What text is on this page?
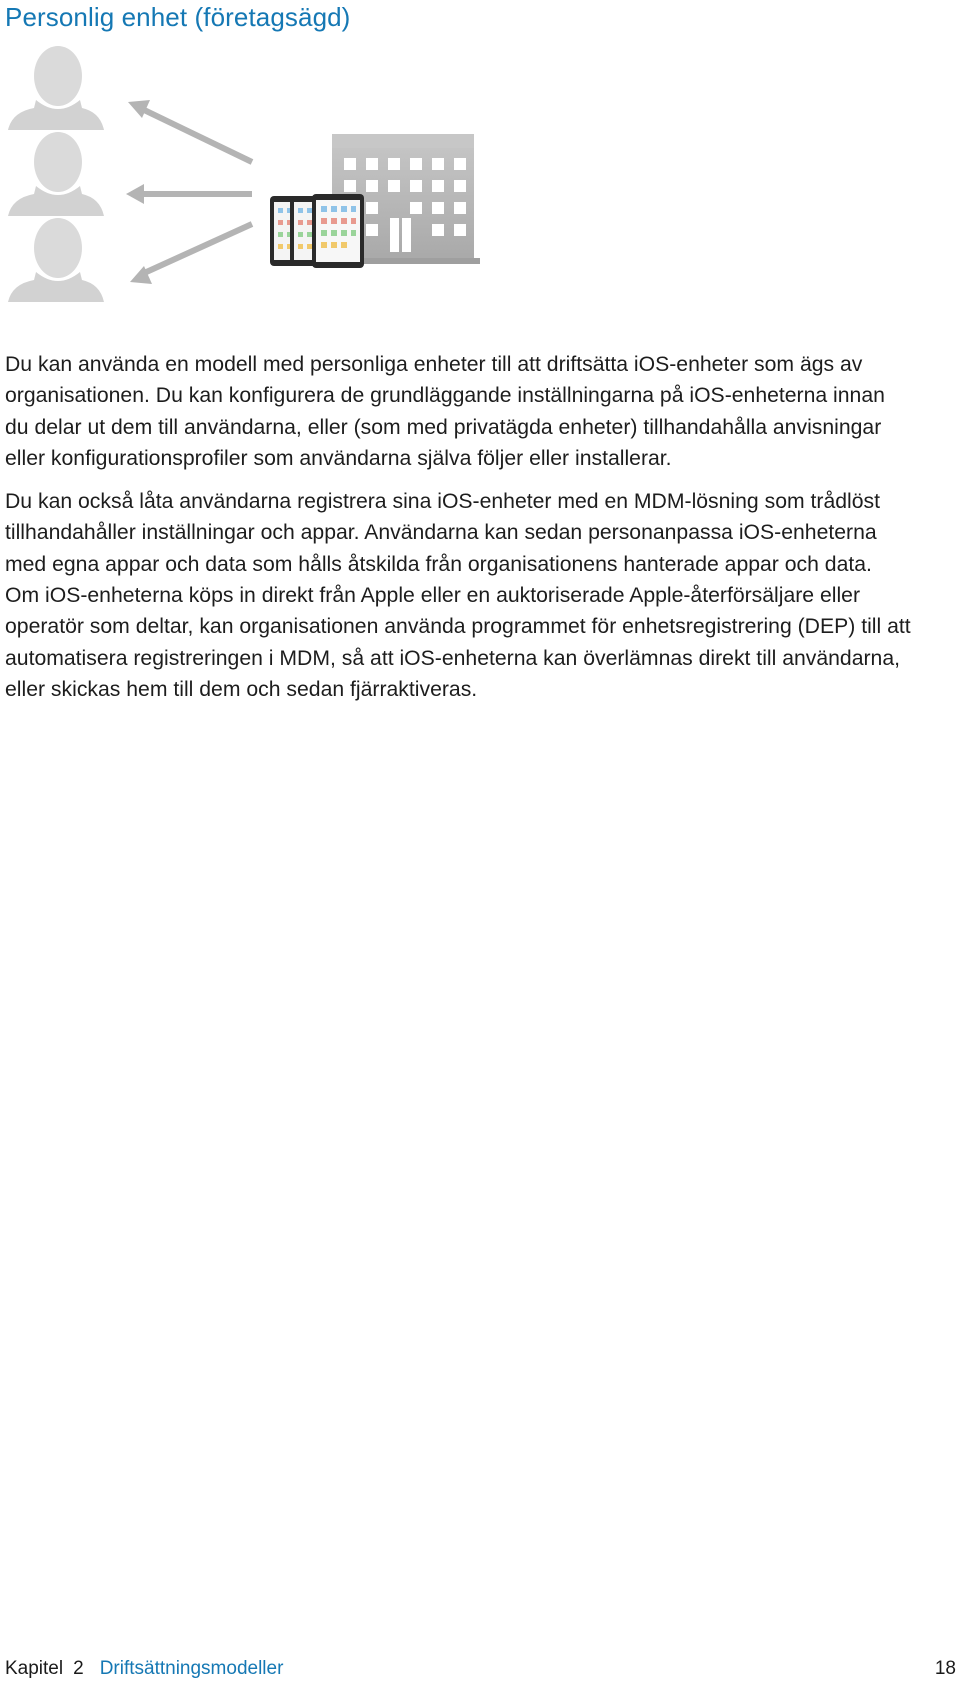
Personlig enhet (företagsägd)

Du kan använda en modell med personliga enheter till att driftsätta iOS-enheter som ägs av

organisationen. Du kan konfigurera de grundläggande inställningarna på iOS-enheterna innan

du delar ut dem till användarna, eller (som med privatägda enheter) tillhandahålla anvisningar

eller konfigurationsprofiler som användarna själva följer eller installerar.

Du kan också låta användarna registrera sina iOS-enheter med en MDM-lösning som trådlöst

tillhandahåller inställningar och appar. Användarna kan sedan personanpassa iOS-enheterna

med egna appar och data som hålls åtskilda från organisationens hanterade appar och data.

Om iOS-enheterna köps in direkt från Apple eller en auktoriserade Apple-återförsäljare eller

operatör som deltar, kan organisationen använda programmet för enhetsregistrering (DEP) till att

automatisera registreringen i MDM, så att iOS-enheterna kan överlämnas direkt till användarna,

eller skickas hem till dem och sedan fjärraktiveras.

Kapitel 2 Driftsättningsmodeller	18
